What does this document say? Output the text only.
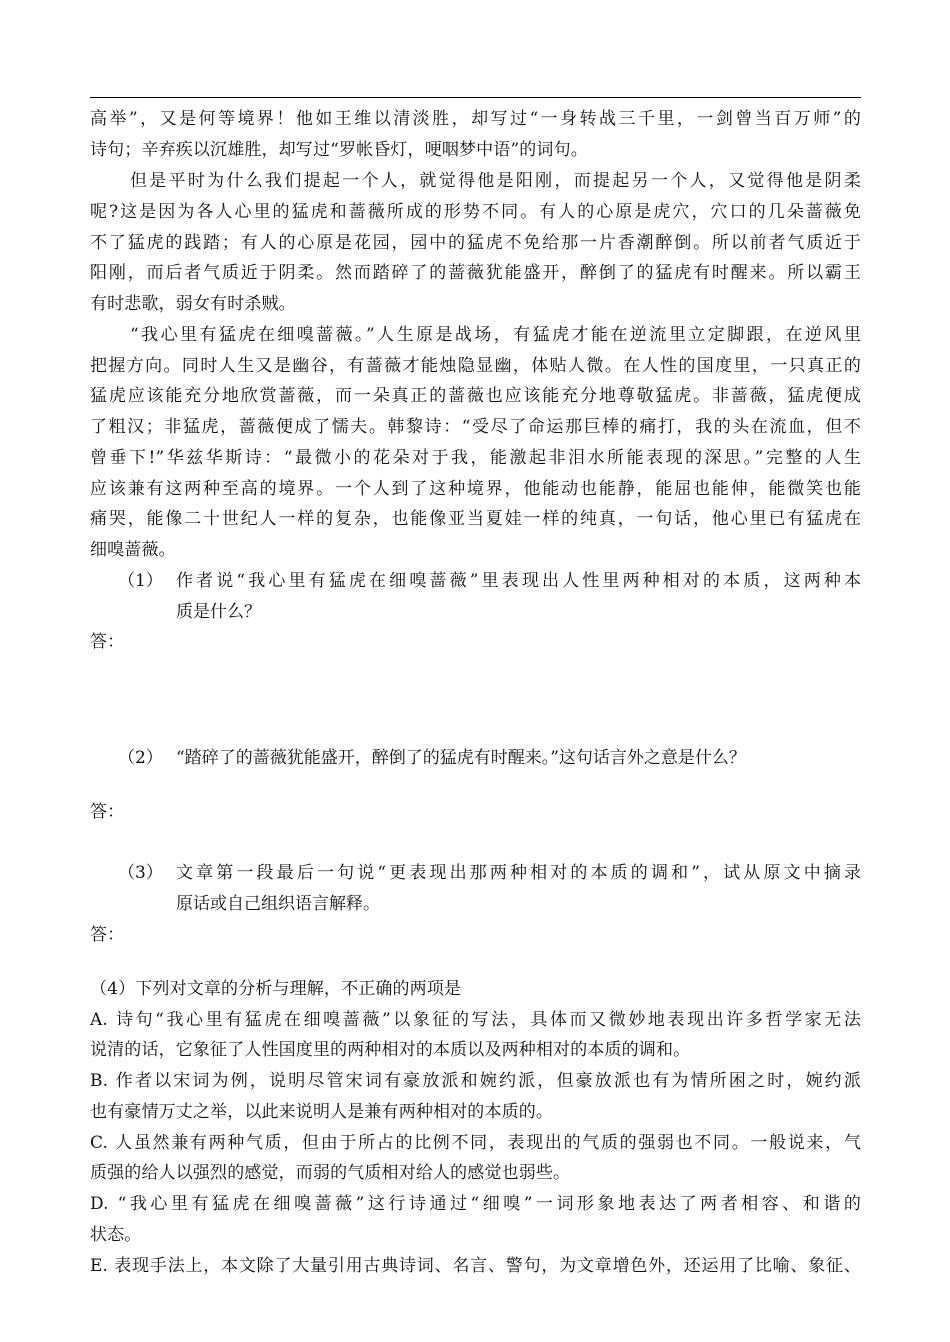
高举”，又是何等境界！他如王维以清淡胜，却写过“一身转战三千里，一剑曾当百万师”的
诗句；辛弃疾以沉雄胜，却写过“罗帐昏灯，哽咽梦中语”的词句。
但是平时为什么我们提起一个人，就觉得他是阳刚，而提起另一个人，又觉得他是阴柔
呢?这是因为各人心里的猛虎和蔷薇所成的形势不同。有人的心原是虎穴，穴口的几朵蔷薇免
不了猛虎的践踏；有人的心原是花园，园中的猛虎不免给那一片香潮醉倒。所以前者气质近于
阳刚，而后者气质近于阴柔。然而踏碎了的蔷薇犹能盛开，醉倒了的猛虎有时醒来。所以霸王
有时悲歌，弱女有时杀贼。
“我心里有猛虎在细嗅蔷薇。”人生原是战场，有猛虎才能在逆流里立定脚跟，在逆风里
把握方向。同时人生又是幽谷，有蔷薇才能烛隐显幽，体贴人微。在人性的国度里，一只真正的
猛虎应该能充分地欣赏蔷薇，而一朵真正的蔷薇也应该能充分地尊敬猛虎。非蔷薇，猛虎便成
了粗汉；非猛虎，蔷薇便成了懦夫。韩黎诗：“受尽了命运那巨棒的痛打，我的头在流血，但不
曾垂下!”华兹华斯诗：“最微小的花朵对于我，能激起非泪水所能表现的深思。”完整的人生
应该兼有这两种至高的境界。一个人到了这种境界，他能动也能静，能屈也能伸，能微笑也能
痛哭，能像二十世纪人一样的复杂，也能像亚当夏娃一样的纯真，一句话，他心里已有猛虎在
细嗅蔷薇。
（1） 作者说“我心里有猛虎在细嗅蔷薇”里表现出人性里两种相对的本质，这两种本
质是什么？
答：
（2） “踏碎了的蔷薇犹能盛开，醉倒了的猛虎有时醒来。”这句话言外之意是什么？
答：
（3） 文章第一段最后一句说“更表现出那两种相对的本质的调和”，试从原文中摘录
原话或自己组织语言解释。
答：
（4）下列对文章的分析与理解，不正确的两项是
A. 诗句“我心里有猛虎在细嗅蔷薇”以象征的写法，具体而又微妙地表现出许多哲学家无法
说清的话，它象征了人性国度里的两种相对的本质以及两种相对的本质的调和。
B. 作者以宋词为例，说明尽管宋词有豪放派和婉约派，但豪放派也有为情所困之时，婉约派
也有豪情万丈之举，以此来说明人是兼有两种相对的本质的。
C. 人虽然兼有两种气质，但由于所占的比例不同，表现出的气质的强弱也不同。一般说来，气
质强的给人以强烈的感觉，而弱的气质相对给人的感觉也弱些。
D. “我心里有猛虎在细嗅蔷薇”这行诗通过“细嗅”一词形象地表达了两者相容、和谐的
状态。
E. 表现手法上，本文除了大量引用古典诗词、名言、警句，为文章增色外，还运用了比喻、象征、
